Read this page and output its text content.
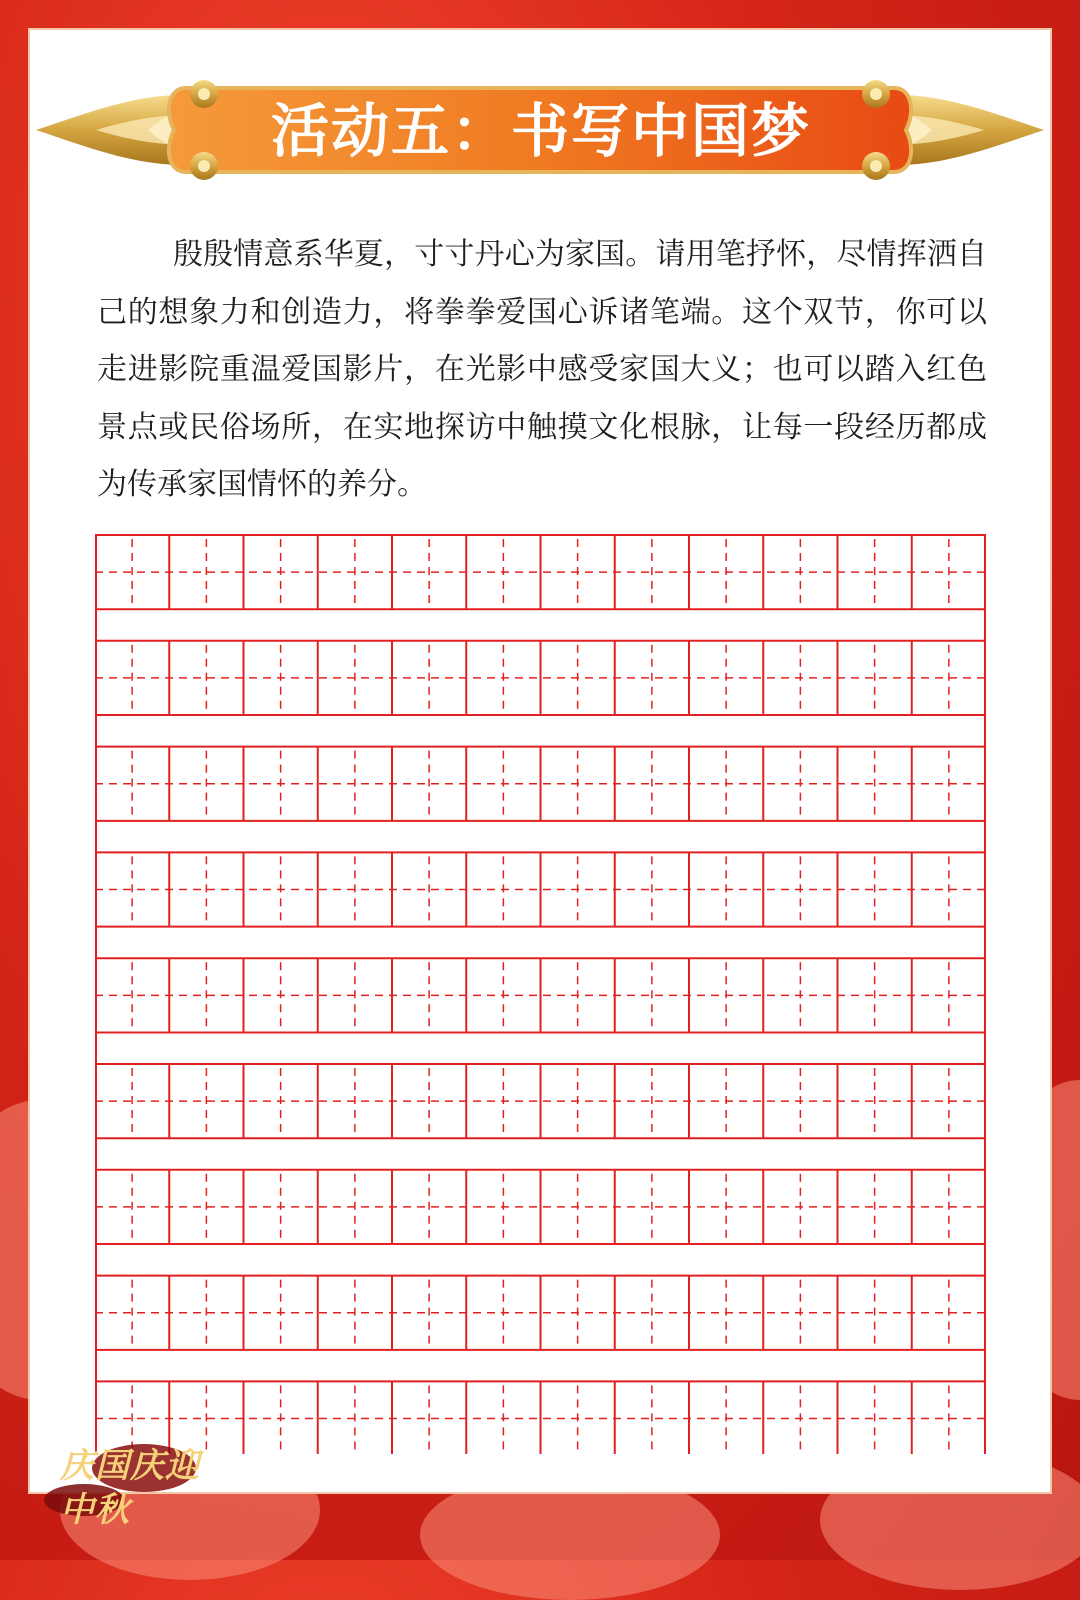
活动五：书写中国梦

殷殷情意系华夏，寸寸丹心为家国。请用笔抒怀，尽情挥洒自己的想象力和创造力，将拳拳爱国心诉诸笔端。这个双节，你可以走进影院重温爱国影片，在光影中感受家国大义；也可以踏入红色景点或民俗场所，在实地探访中触摸文化根脉，让每一段经历都成为传承家国情怀的养分。

庆国庆迎中秋
